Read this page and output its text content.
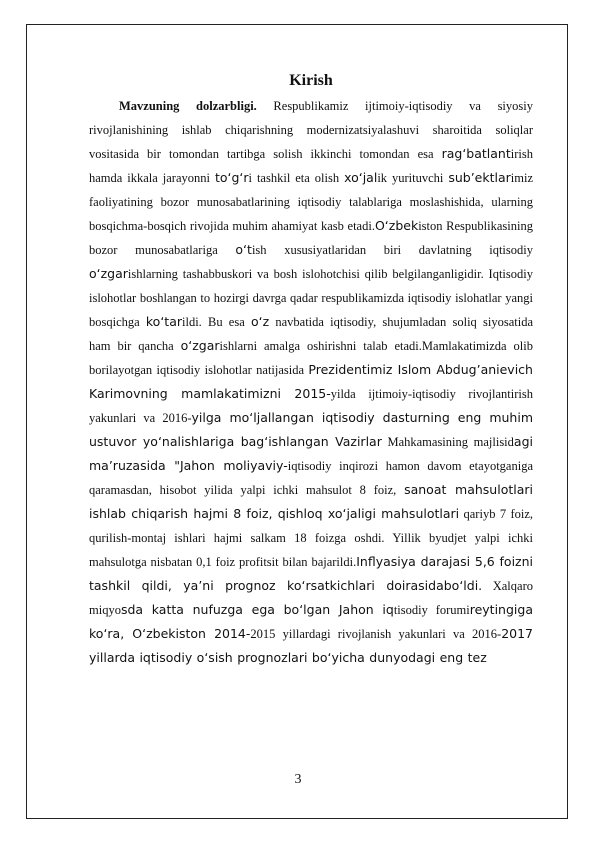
Kirish

Mavzuning dolzarbligi. Respublikamiz ijtimoiy-iqtisodiy va siyosiy rivojlanishining ishlab chiqarishning modernizatsiyalashuvi sharoitida soliqlar vositasida bir tomondan tartibga solish ikkinchi tomondan esa rag‘batlantirish hamda ikkala jarayonni to‘g‘ri tashkil eta olish xo‘jalik yurituvchi sub’ektlarimiz faoliyatining bozor munosabatlarining iqtisodiy talablariga moslashishida, ularning bosqichma-bosqich rivojida muhim ahamiyat kasb etadi.O‘zbekiston Respublikasining bozor munosabatlariga o‘tish xususiyatlaridan biri davlatning iqtisodiy o‘zgarishlarning tashabbuskori va bosh islohotchisi qilib belgilanganligidir. Iqtisodiy islohotlar boshlangan to hozirgi davrga qadar respublikamizda iqtisodiy islohatlar yangi bosqichga ko‘tarildi. Bu esa o‘z navbatida iqtisodiy, shujumladan soliq siyosatida ham bir qancha o‘zgarishlarni amalga oshirishni talab etadi.Mamlakatimizda olib borilayotgan iqtisodiy islohotlar natijasida Prezidentimiz Islom Abdug’anievich Karimovning mamlakatimizni 2015-yilda ijtimoiy-iqtisodiy rivojlantirish yakunlari va 2016-yilga mo‘ljallangan iqtisodiy dasturning eng muhim ustuvor yo‘nalishlariga bag‘ishlangan Vazirlar Mahkamasining majlisidagi ma’ruzasida "Jahon moliyaviy-iqtisodiy inqirozi hamon davom etayotganiga qaramasdan, hisobot yilida yalpi ichki mahsulot 8 foiz, sanoat mahsulotlari ishlab chiqarish hajmi 8 foiz, qishloq xo‘jaligi mahsulotlari qariyb 7 foiz, qurilish-montaj ishlari hajmi salkam 18 foizga oshdi. Yillik byudjet yalpi ichki mahsulotga nisbatan 0,1 foiz profitsit bilan bajarildi.Inflyasiya darajasi 5,6 foizni tashkil qildi, ya’ni prognoz ko‘rsatkichlari doirasidabo‘ldi. Xalqaro miqyosda katta nufuzga ega bo‘lgan Jahon iqtisodiy forumireytingiga ko‘ra, O‘zbekiston 2014-2015 yillardagi rivojlanish yakunlari va 2016-2017 yillarda iqtisodiy o‘sish prognozlari bo‘yicha dunyodagi eng tez

3
